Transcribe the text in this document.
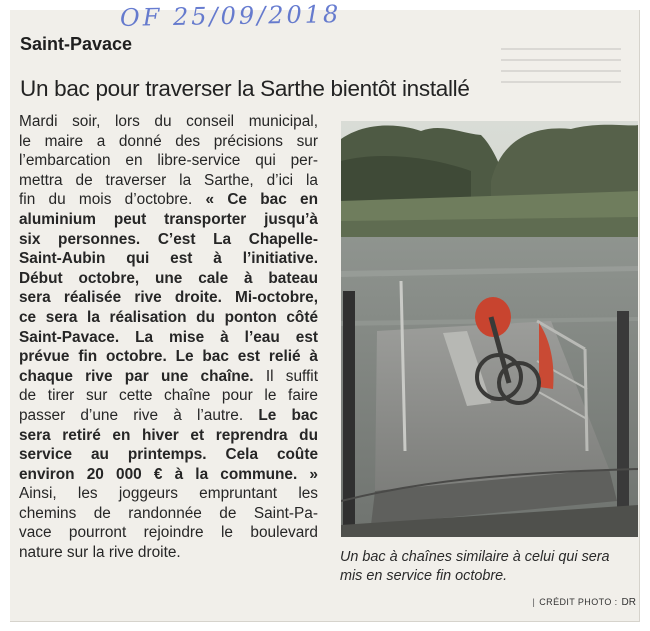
OF 25/09/2018
Saint-Pavace
Un bac pour traverser la Sarthe bientôt installé
Mardi soir, lors du conseil municipal,
le maire a donné des précisions sur
l’embarcation en libre-service qui per-
mettra de traverser la Sarthe, d’ici la
fin du mois d’octobre. « Ce bac en
aluminium peut transporter jusqu’à
six personnes. C’est La Chapelle-
Saint-Aubin qui est à l’initiative.
Début octobre, une cale à bateau
sera réalisée rive droite. Mi-octobre,
ce sera la réalisation du ponton côté
Saint-Pavace. La mise à l’eau est
prévue fin octobre. Le bac est relié à
chaque rive par une chaîne. Il suffit
de tirer sur cette chaîne pour le faire
passer d’une rive à l’autre. Le bac
sera retiré en hiver et reprendra du
service au printemps. Cela coûte
environ 20 000 € à la commune. »
Ainsi, les joggeurs empruntant les
chemins de randonnée de Saint-Pa-
vace pourront rejoindre le boulevard
nature sur la rive droite.	Un bac à chaînes similaire à celui qui sera mis en service fin octobre.
| CRÉDIT PHOTO : DR
